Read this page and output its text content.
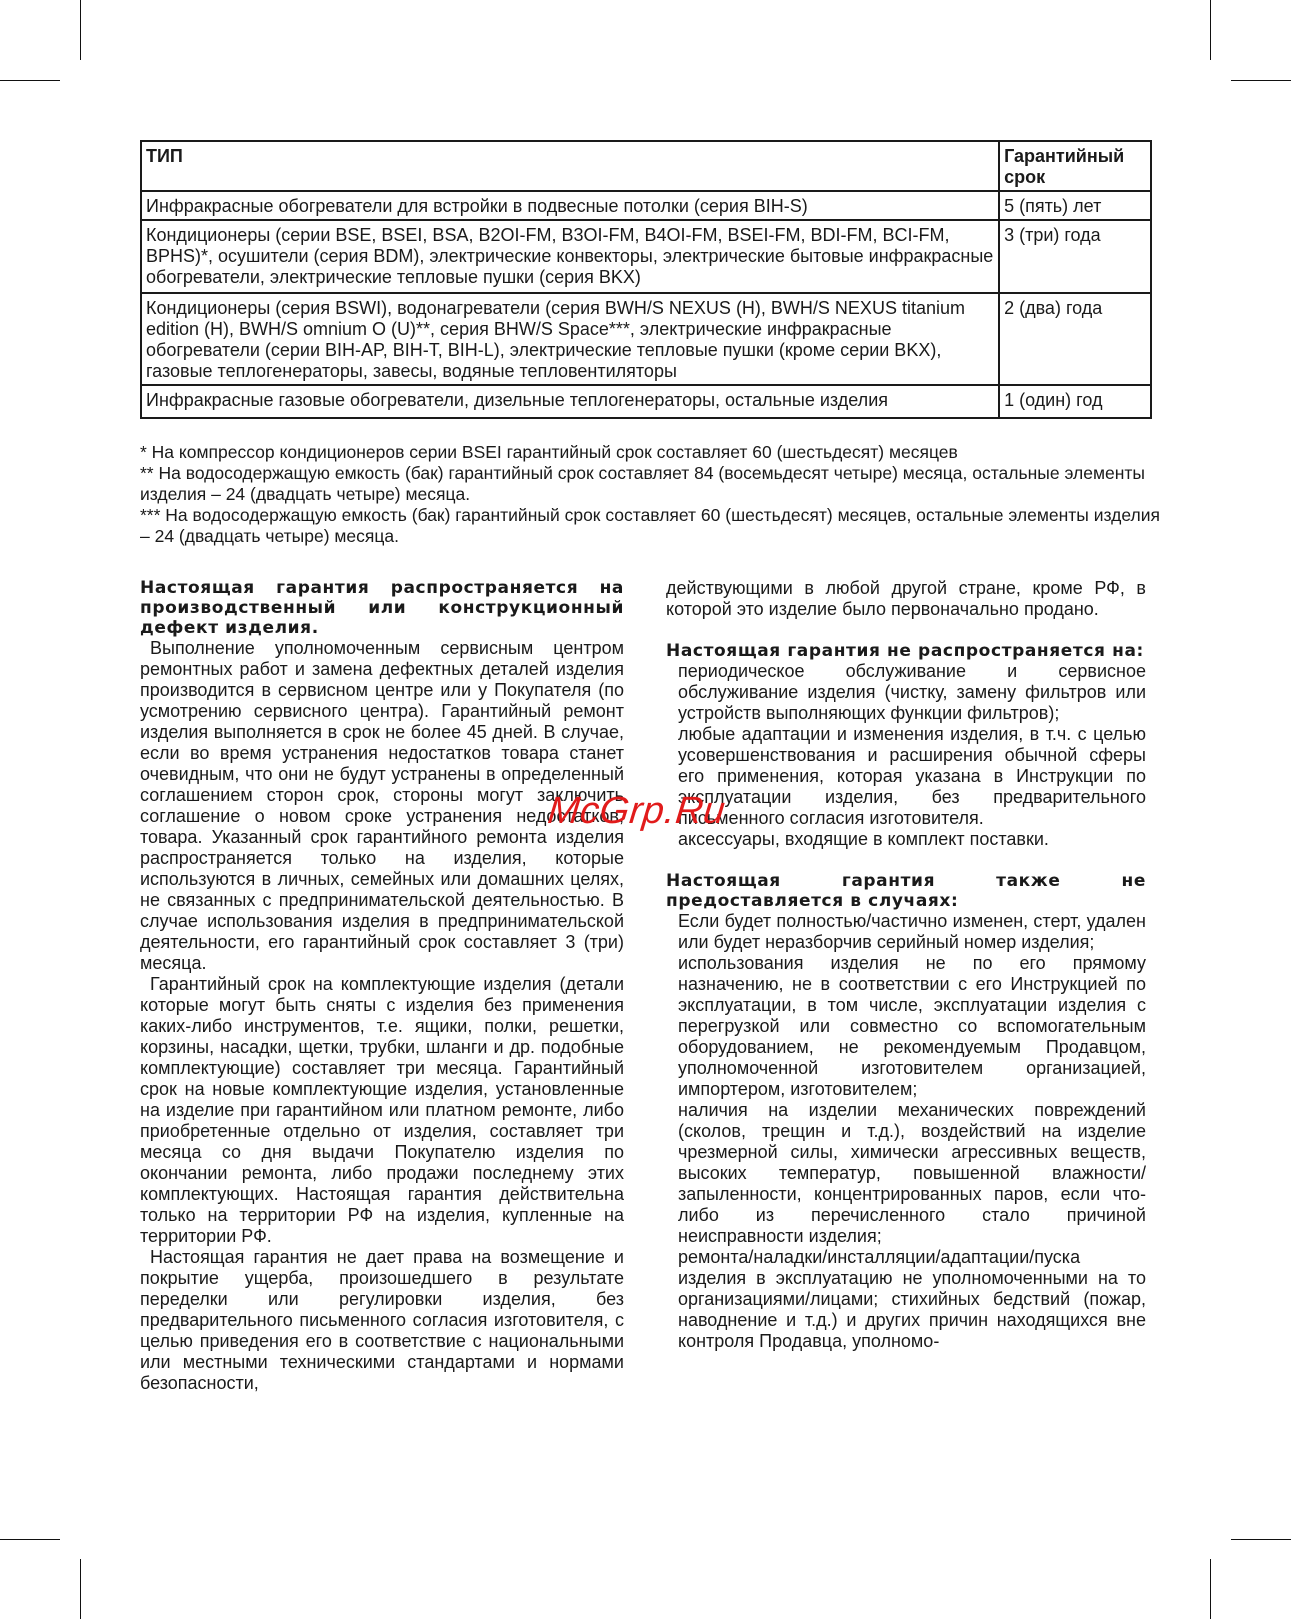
ТИП	Гарантийный срок
Инфракрасные обогреватели для встройки в подвесные потолки (серия BIH-S)	5 (пять) лет
Кондиционеры (серии BSE, BSEI, BSA, B2OI-FM, B3OI-FM, B4OI-FM, BSEI-FM, BDI-FM, BCI-FM, BPHS)*, осушители (серия BDM), электрические конвекторы, электрические бытовые инфракрасные обогреватели, электрические тепловые пушки (серия BKX)	3 (три) года
Кондиционеры (серия BSWI), водонагреватели (серия BWH/S NEXUS (H), BWH/S NEXUS titanium edition (H), BWH/S omnium O (U)**, серия BHW/S Space***, электрические инфракрасные обогреватели (серии BIH-AP, BIH-T, BIH-L), электрические тепловые пушки (кроме серии BKX), газовые теплогенераторы, завесы, водяные тепловентиляторы	2 (два) года
Инфракрасные газовые обогреватели, дизельные теплогенераторы, остальные изделия	1 (один) год

* На компрессор кондиционеров серии BSEI гарантийный срок составляет 60 (шестьдесят) месяцев

** На водосодержащую емкость (бак) гарантийный срок составляет 84 (восемьдесят четыре) месяца, остальные элементы изделия – 24 (двадцать четыре) месяца.

*** На водосодержащую емкость (бак) гарантийный срок составляет 60 (шестьдесят) месяцев, остальные элементы изделия – 24 (двадцать четыре) месяца.

Настоящая гарантия распространяется на производственный или конструкционный дефект изделия.

Выполнение уполномоченным сервисным центром ремонтных работ и замена дефектных деталей изделия производится в сервисном центре или у Покупателя (по усмотрению сервисного центра). Гарантийный ремонт изделия выполняется в срок не более 45 дней. В случае, если во время устранения недостатков товара станет очевидным, что они не будут устранены в определенный соглашением сторон срок, стороны могут заключить соглашение о новом сроке устранения недостатков, товара. Указанный срок гарантийного ремонта изделия распространяется только на изделия, которые используются в личных, семейных или домашних целях, не связанных с предпринимательской деятельностью. В случае использования изделия в предпринимательской деятельности, его гарантийный срок составляет 3 (три) месяца.

Гарантийный срок на комплектующие изделия (детали которые могут быть сняты с изделия без применения каких-либо инструментов, т.е. ящики, полки, решетки, корзины, насадки, щетки, трубки, шланги и др. подобные комплектующие) составляет три месяца. Гарантийный срок на новые комплектующие изделия, установленные на изделие при гарантийном или платном ремонте, либо приобретенные отдельно от изделия, составляет три месяца со дня выдачи Покупателю изделия по окончании ремонта, либо продажи последнему этих комплектующих. Настоящая гарантия действительна только на территории РФ на изделия, купленные на территории РФ.

Настоящая гарантия не дает права на возмещение и покрытие ущерба, произошедшего в результате переделки или регулировки изделия, без предварительного письменного согласия изготовителя, с целью приведения его в соответствие с национальными или местными техническими стандартами и нормами безопасности,

действующими в любой другой стране, кроме РФ, в которой это изделие было первоначально продано.

Настоящая гарантия не распространяется на:

периодическое обслуживание и сервисное обслуживание изделия (чистку, замену фильтров или устройств выполняющих функции фильтров);

любые адаптации и изменения изделия, в т.ч. с целью усовершенствования и расширения обычной сферы его применения, которая указана в Инструкции по эксплуатации изделия, без предварительного письменного согласия изготовителя.

аксессуары, входящие в комплект поставки.

Настоящая гарантия также не предоставляется в случаях:

Если будет полностью/частично изменен, стерт, удален или будет неразборчив серийный номер изделия;

использования изделия не по его прямому назначению, не в соответствии с его Инструкцией по эксплуатации, в том числе, эксплуатации изделия с перегрузкой или совместно со вспомогательным оборудованием, не рекомендуемым Продавцом, уполномоченной изготовителем организацией, импортером, изготовителем;

наличия на изделии механических повреждений (сколов, трещин и т.д.), воздействий на изделие чрезмерной силы, химически агрессивных веществ, высоких температур, повышенной влажности/запыленности, концентрированных паров, если что-либо из перечисленного стало причиной неисправности изделия;

ремонта/наладки/инсталляции/адаптации/пуска изделия в эксплуатацию не уполномоченными на то организациями/лицами; стихийных бедствий (пожар, наводнение и т.д.) и других причин находящихся вне контроля Продавца, уполномо-

McGrp.Ru
